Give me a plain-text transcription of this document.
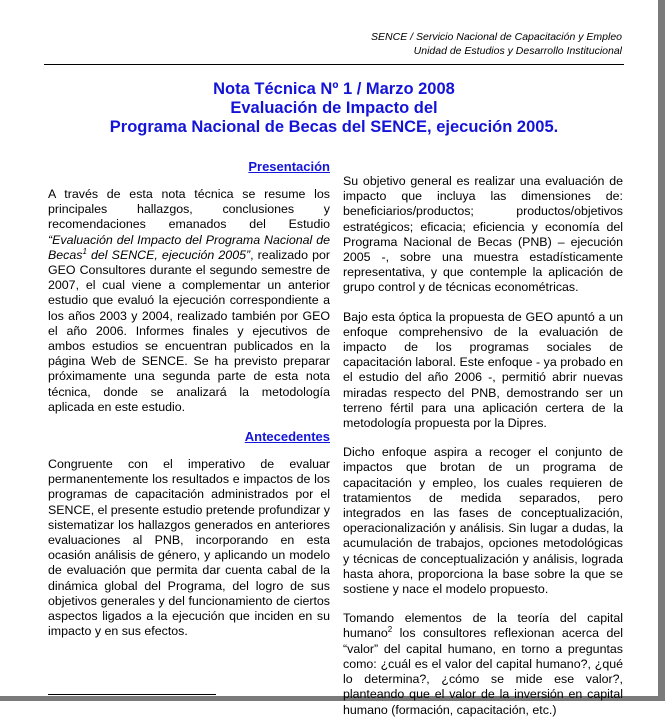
SENCE / Servicio Nacional de Capacitación y Empleo
Unidad de Estudios y Desarrollo Institucional
Nota Técnica Nº 1 / Marzo 2008
Evaluación de Impacto del
Programa Nacional de Becas del SENCE, ejecución 2005.
Presentación

A través de esta nota técnica se resume los principales hallazgos, conclusiones y recomendaciones emanados del Estudio “Evaluación del Impacto del Programa Nacional de Becas$^1$ del SENCE, ejecución 2005”, realizado por GEO Consultores durante el segundo semestre de 2007, el cual viene a complementar un anterior estudio que evaluó la ejecución correspondiente a los años 2003 y 2004, realizado también por GEO el año 2006. Informes finales y ejecutivos de ambos estudios se encuentran publicados en la página Web de SENCE. Se ha previsto preparar próximamente una segunda parte de esta nota técnica, donde se analizará la metodología aplicada en este estudio.

Antecedentes

Congruente con el imperativo de evaluar permanentemente los resultados e impactos de los programas de capacitación administrados por el SENCE, el presente estudio pretende profundizar y sistematizar los hallazgos generados en anteriores evaluaciones al PNB, incorporando en esta ocasión análisis de género, y aplicando un modelo de evaluación que permita dar cuenta cabal de la dinámica global del Programa, del logro de sus objetivos generales y del funcionamiento de ciertos aspectos ligados a la ejecución que inciden en su impacto y en sus efectos.

Su objetivo general es realizar una evaluación de impacto que incluya las dimensiones de: beneficiarios/productos; productos/objetivos estratégicos; eficacia; eficiencia y economía del Programa Nacional de Becas (PNB) – ejecución 2005 -, sobre una muestra estadísticamente representativa, y que contemple la aplicación de grupo control y de técnicas econométricas.

Bajo esta óptica la propuesta de GEO apuntó a un enfoque comprehensivo de la evaluación de impacto de los programas sociales de capacitación laboral. Este enfoque - ya probado en el estudio del año 2006 -, permitió abrir nuevas miradas respecto del PNB, demostrando ser un terreno fértil para una aplicación certera de la metodología propuesta por la Dipres.

Dicho enfoque aspira a recoger el conjunto de impactos que brotan de un programa de capacitación y empleo, los cuales requieren de tratamientos de medida separados, pero integrados en las fases de conceptualización, operacionalización y análisis. Sin lugar a dudas, la acumulación de trabajos, opciones metodológicas y técnicas de conceptualización y análisis, lograda hasta ahora, proporciona la base sobre la que se sostiene y nace el modelo propuesto.

Tomando elementos de la teoría del capital humano$^2$ los consultores reflexionan acerca del “valor” del capital humano, en torno a preguntas como: ¿cuál es el valor del capital humano?, ¿qué lo determina?, ¿cómo se mide ese valor?, planteando que el valor de la inversión en capital humano (formación, capacitación, etc.)
